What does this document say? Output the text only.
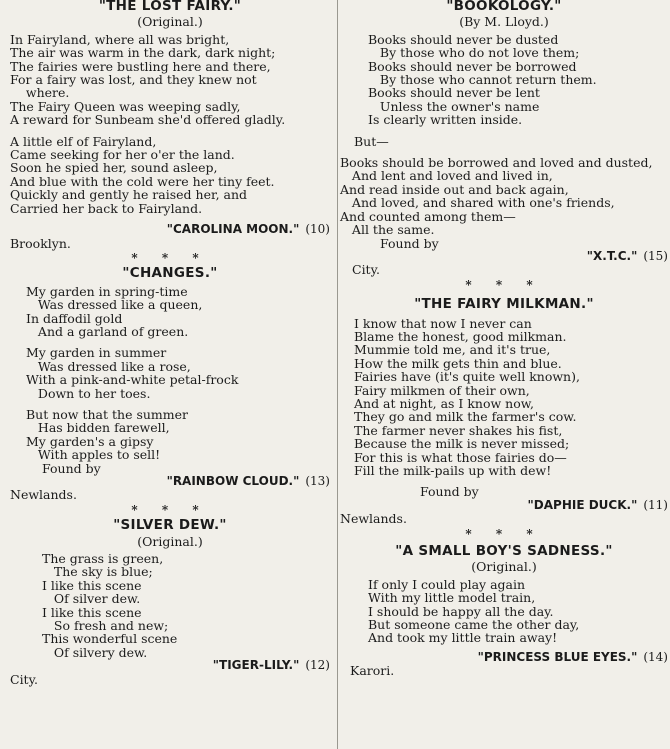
"THE LOST FAIRY."

(Original.)

In Fairyland, where all was bright,
The air was warm in the dark, dark night;
The fairies were bustling here and there,
For a fairy was lost, and they knew not
where.
The Fairy Queen was weeping sadly,
A reward for Sunbeam she'd offered gladly.
A little elf of Fairyland,
Came seeking for her o'er the land.
Soon he spied her, sound asleep,
And blue with the cold were her tiny feet.
Quickly and gently he raised her, and
Carried her back to Fairyland.
"CAROLINA MOON." (10)

Brooklyn.

* * *

"CHANGES."

My garden in spring-time
Was dressed like a queen,
In daffodil gold
And a garland of green.
My garden in summer
Was dressed like a rose,
With a pink-and-white petal-frock
Down to her toes.
But now that the summer
Has bidden farewell,
My garden's a gipsy
With apples to sell!
Found by
"RAINBOW CLOUD." (13)

Newlands.

* * *

"SILVER DEW."

(Original.)

The grass is green,
The sky is blue;
I like this scene
Of silver dew.
I like this scene
So fresh and new;
This wonderful scene
Of silvery dew.
"TIGER-LILY." (12)

City.

"BOOKOLOGY."

(By M. Lloyd.)

Books should never be dusted
By those who do not love them;
Books should never be borrowed
By those who cannot return them.
Books should never be lent
Unless the owner's name
Is clearly written inside.
But—
Books should be borrowed and loved and dusted,
And lent and loved and lived in,
And read inside out and back again,
And loved, and shared with one's friends,
And counted among them—
All the same.
Found by
"X.T.C." (15)

City.

* * *

"THE FAIRY MILKMAN."

I know that now I never can
Blame the honest, good milkman.
Mummie told me, and it's true,
How the milk gets thin and blue.
Fairies have (it's quite well known),
Fairy milkmen of their own,
And at night, as I know now,
They go and milk the farmer's cow.
The farmer never shakes his fist,
Because the milk is never missed;
For this is what those fairies do—
Fill the milk-pails up with dew!
Found by
"DAPHIE DUCK." (11)

Newlands.

* * *

"A SMALL BOY'S SADNESS."

(Original.)

If only I could play again
With my little model train,
I should be happy all the day.
But someone came the other day,
And took my little train away!
"PRINCESS BLUE EYES." (14)

Karori.
